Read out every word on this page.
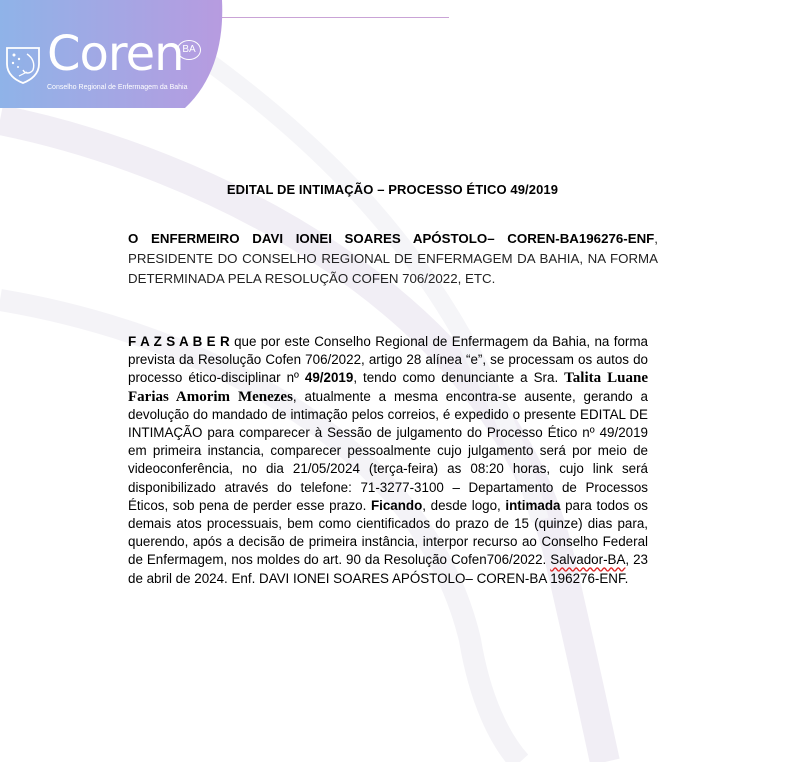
Coren
BA
Conselho Regional de Enfermagem da Bahia
EDITAL DE INTIMAÇÃO – PROCESSO ÉTICO 49/2019
O ENFERMEIRO DAVI IONEI SOARES APÓSTOLO– COREN-BA196276-ENF, PRESIDENTE DO CONSELHO REGIONAL DE ENFERMAGEM DA BAHIA, NA FORMA DETERMINADA PELA RESOLUÇÃO COFEN 706/2022, ETC.
F A Z S A B E R que por este Conselho Regional de Enfermagem da Bahia, na forma prevista da Resolução Cofen 706/2022, artigo 28 alínea “e”, se processam os autos do processo ético-disciplinar nº 49/2019, tendo como denunciante a Sra. Talita Luane Farias Amorim Menezes, atualmente a mesma encontra-se ausente, gerando a devolução do mandado de intimação pelos correios, é expedido o presente EDITAL DE INTIMAÇÃO para comparecer à Sessão de julgamento do Processo Ético nº 49/2019 em primeira instancia, comparecer pessoalmente cujo julgamento será por meio de videoconferência, no dia 21/05/2024 (terça-feira) as 08:20 horas, cujo link será disponibilizado através do telefone: 71-3277-3100 – Departamento de Processos Éticos, sob pena de perder esse prazo. Ficando, desde logo, intimada para todos os demais atos processuais, bem como cientificados do prazo de 15 (quinze) dias para, querendo, após a decisão de primeira instância, interpor recurso ao Conselho Federal de Enfermagem, nos moldes do art. 90 da Resolução Cofen706/2022. Salvador-BA, 23 de abril de 2024. Enf. DAVI IONEI SOARES APÓSTOLO– COREN-BA 196276-ENF.
